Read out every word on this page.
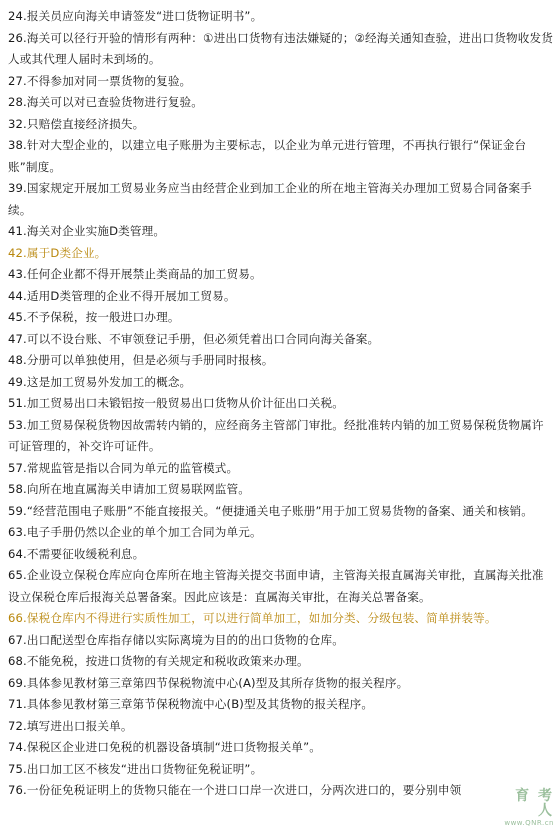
24.报关员应向海关申请签发“进口货物证明书”。
26.海关可以径行开验的情形有两种：①进出口货物有违法嫌疑的；②经海关通知查验，进出口货物收发货人或其代理人届时未到场的。
27.不得参加对同一票货物的复验。
28.海关可以对已查验货物进行复验。
32.只赔偿直接经济损失。
38.针对大型企业的，以建立电子账册为主要标志，以企业为单元进行管理，不再执行银行“保证金台账”制度。
39.国家规定开展加工贸易业务应当由经营企业到加工企业的所在地主管海关办理加工贸易合同备案手续。
41.海关对企业实施D类管理。
42.属于D类企业。
43.任何企业都不得开展禁止类商品的加工贸易。
44.适用D类管理的企业不得开展加工贸易。
45.不予保税，按一般进口办理。
47.可以不设台账、不审领登记手册，但必须凭着出口合同向海关备案。
48.分册可以单独使用，但是必须与手册同时报核。
49.这是加工贸易外发加工的概念。
51.加工贸易出口未锻铝按一般贸易出口货物从价计征出口关税。
53.加工贸易保税货物因故需转内销的，应经商务主管部门审批。经批准转内销的加工贸易保税货物属许可证管理的，补交许可证件。
57.常规监管是指以合同为单元的监管模式。
58.向所在地直属海关申请加工贸易联网监管。
59.“经营范围电子账册”不能直接报关。“便捷通关电子账册”用于加工贸易货物的备案、通关和核销。
63.电子手册仍然以企业的单个加工合同为单元。
64.不需要征收缓税利息。
65.企业设立保税仓库应向仓库所在地主管海关提交书面申请，主管海关报直属海关审批，直属海关批准设立保税仓库后报海关总署备案。因此应该是：直属海关审批，在海关总署备案。
66.保税仓库内不得进行实质性加工，可以进行简单加工，如加分类、分级包装、简单拼装等。
67.出口配送型仓库指存储以实际离境为目的的出口货物的仓库。
68.不能免税，按进口货物的有关规定和税收政策来办理。
69.具体参见教材第三章第四节保税物流中心(A)型及其所存货物的报关程序。
71.具体参见教材第三章第节保税物流中心(B)型及其货物的报关程序。
72.填写进出口报关单。
74.保税区企业进口免税的机器设备填制“进口货物报关单”。
75.出口加工区不核发“进出口货物征免税证明”。
76.一份征免税证明上的货物只能在一个进口口岸一次进口，分两次进口的，要分别申领	育 考 人
www.QNR.cn
